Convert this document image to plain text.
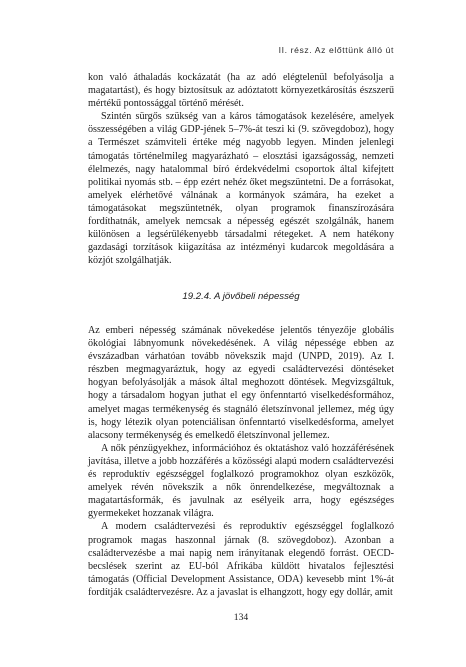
II. rész. Az előttünk álló út

kon való áthaladás kockázatát (ha az adó elégtelenül befolyásolja a magatartást), és hogy biztosítsuk az adóztatott környezetkárosítás észszerű mértékű pontossággal történő mérését.

Szintén sürgős szükség van a káros támogatások kezelésére, amelyek összességében a világ GDP-jének 5–7%-át teszi ki (9. szövegdoboz), hogy a Természet számviteli értéke még nagyobb legyen. Minden jelenlegi támogatás történelmileg magyarázható – elosztási igazságosság, nemzeti élelmezés, nagy hatalommal bíró érdekvédelmi csoportok által kifejtett politikai nyomás stb. – épp ezért nehéz őket megszüntetni. De a forrásokat, amelyek elérhetővé válnának a kormányok számára, ha ezeket a támogatásokat megszüntetnék, olyan programok finanszírozására fordíthatnák, amelyek nemcsak a népesség egészét szolgálnák, hanem különösen a legsérülékenyebb társadalmi rétegeket. A nem hatékony gazdasági torzítások kiigazítása az intézményi kudarcok megoldására a közjót szolgálhatják.

19.2.4. A jövőbeli népesség

Az emberi népesség számának növekedése jelentős tényezője globális ökológiai lábnyomunk növekedésének. A világ népessége ebben az évszázadban várhatóan tovább növekszik majd (UNPD, 2019). Az I. részben megmagyaráztuk, hogy az egyedi családtervezési döntéseket hogyan befolyásolják a mások által meghozott döntések. Megvizsgáltuk, hogy a társadalom hogyan juthat el egy önfenntartó viselkedésformához, amelyet magas termékenység és stagnáló életszínvonal jellemez, még úgy is, hogy létezik olyan potenciálisan önfenntartó viselkedésforma, amelyet alacsony termékenység és emelkedő életszínvonal jellemez.

A nők pénzügyekhez, információhoz és oktatáshoz való hozzáférésének javítása, illetve a jobb hozzáférés a közösségi alapú modern családtervezési és reproduktív egészséggel foglalkozó programokhoz olyan eszközök, amelyek révén növekszik a nők önrendelkezése, megváltoznak a magatartásformák, és javulnak az esélyeik arra, hogy egészséges gyermekeket hozzanak világra.

A modern családtervezési és reproduktív egészséggel foglalkozó programok magas haszonnal járnak (8. szövegdoboz). Azonban a családtervezésbe a mai napig nem irányítanak elegendő forrást. OECD-becslések szerint az EU-ból Afrikába küldött hivatalos fejlesztési támogatás (Official Development Assistance, ODA) kevesebb mint 1%-át fordítják családtervezésre. Az a javaslat is elhangzott, hogy egy dollár, amit

134
